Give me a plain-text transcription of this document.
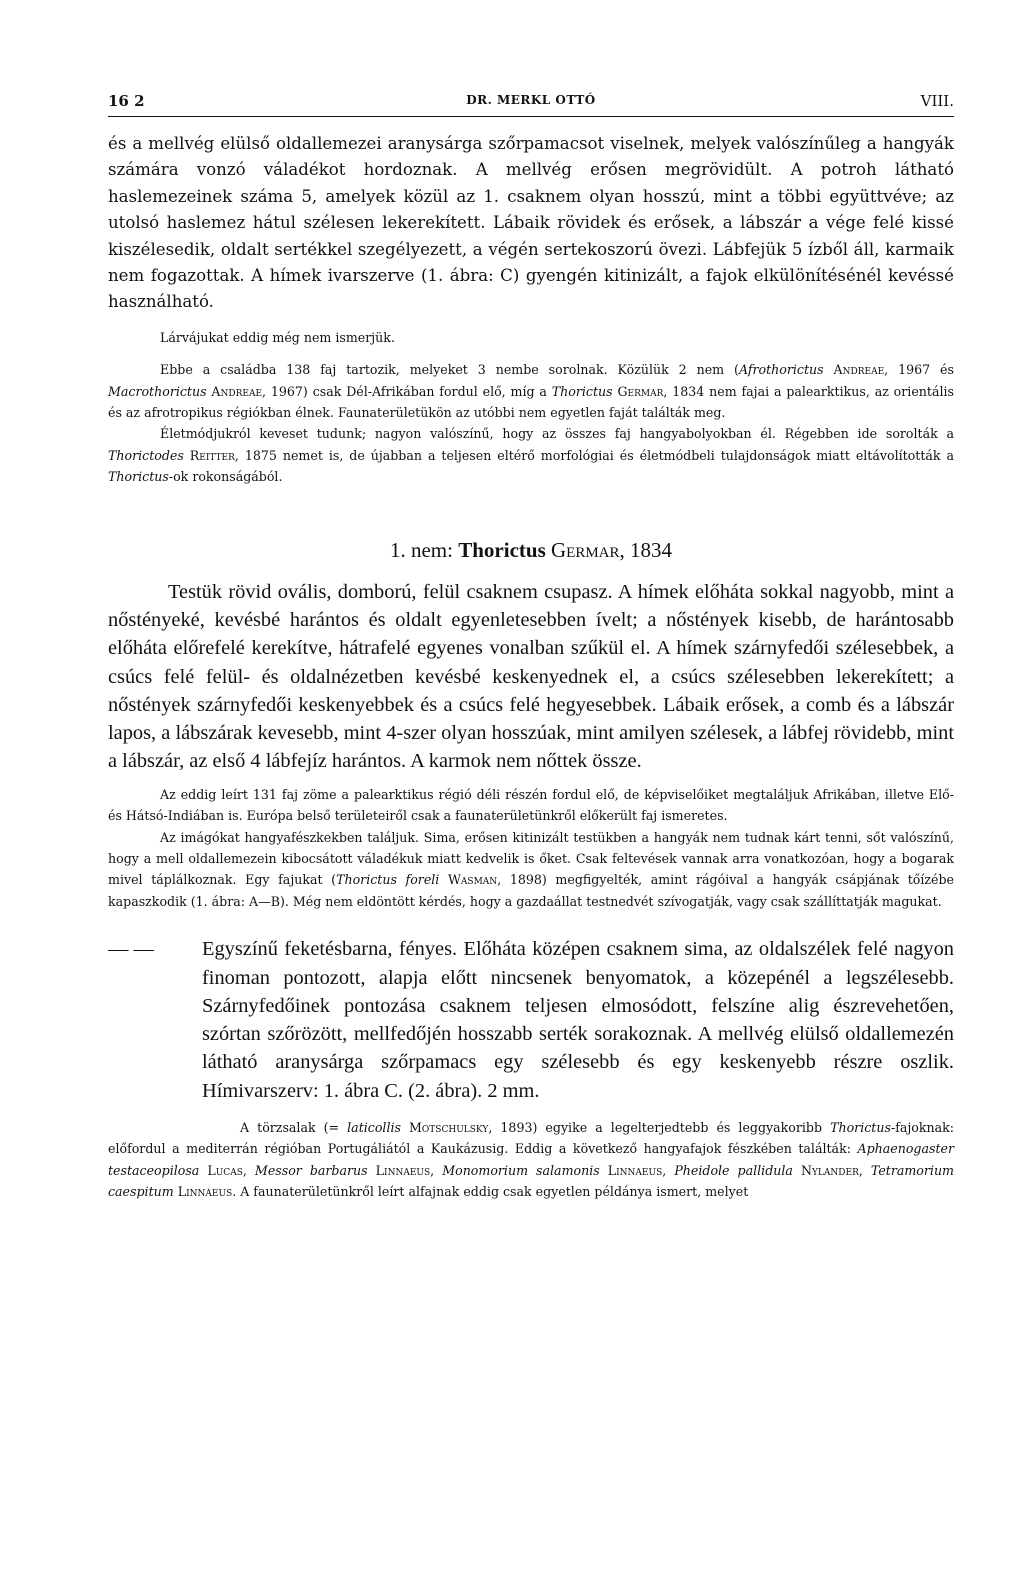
16 2	DR. MERKL OTTÓ	VIII.
és a mellvég elülső oldallemezei aranysárga szőrpamacsot viselnek, melyek valószínűleg a hangyák számára vonzó váladékot hordoznak. A mellvég erősen megrövidült. A potroh látható haslemezeinek száma 5, amelyek közül az 1. csaknem olyan hosszú, mint a többi együttvéve; az utolsó haslemez hátul szélesen lekerekített. Lábaik rövidek és erősek, a lábszár a vége felé kissé kiszélesedik, oldalt sertékkel szegélyezett, a végén sertekoszorú övezi. Lábfejük 5 ízből áll, karmaik nem fogazottak. A hímek ivarszerve (1. ábra: C) gyengén kitinizált, a fajok elkülönítésénél kevéssé használható.

Lárvájukat eddig még nem ismerjük.

Ebbe a családba 138 faj tartozik, melyeket 3 nembe sorolnak. Közülük 2 nem (Afrothorictus Andreae, 1967 és Macrothorictus Andreae, 1967) csak Dél-Afrikában fordul elő, míg a Thorictus Germar, 1834 nem fajai a palearktikus, az orientális és az afrotropikus régiókban élnek. Faunaterületükön az utóbbi nem egyetlen faját találták meg.

Életmódjukról keveset tudunk; nagyon valószínű, hogy az összes faj hangyabolyokban él. Régebben ide sorolták a Thorictodes Reitter, 1875 nemet is, de újabban a teljesen eltérő morfológiai és életmódbeli tulajdonságok miatt eltávolították a Thorictus-ok rokonságából.

1. nem: Thorictus Germar, 1834

Testük rövid ovális, domború, felül csaknem csupasz. A hímek előháta sokkal nagyobb, mint a nőstényeké, kevésbé harántos és oldalt egyenletesebben ívelt; a nőstények kisebb, de harántosabb előháta előrefelé kerekítve, hátrafelé egyenes vonalban szűkül el. A hímek szárnyfedői szélesebbek, a csúcs felé felül- és oldalnézetben kevésbé keskenyednek el, a csúcs szélesebben lekerekített; a nőstények szárnyfedői keskenyebbek és a csúcs felé hegyesebbek. Lábaik erősek, a comb és a lábszár lapos, a lábszárak kevesebb, mint 4-szer olyan hosszúak, mint amilyen szélesek, a lábfej rövidebb, mint a lábszár, az első 4 lábfejíz harántos. A karmok nem nőttek össze.

Az eddig leírt 131 faj zöme a palearktikus régió déli részén fordul elő, de képviselőiket megtaláljuk Afrikában, illetve Elő- és Hátsó-Indiában is. Európa belső területeiről csak a faunaterületünkről előkerült faj ismeretes.

Az imágókat hangyafészkekben találjuk. Sima, erősen kitinizált testükben a hangyák nem tudnak kárt tenni, sőt valószínű, hogy a mell oldallemezein kibocsátott váladékuk miatt kedvelik is őket. Csak feltevések vannak arra vonatkozóan, hogy a bogarak mivel táplálkoznak. Egy fajukat (Thorictus foreli Wasman, 1898) megfigyelték, amint rágóival a hangyák csápjának tőízébe kapaszkodik (1. ábra: A—B). Még nem eldöntött kérdés, hogy a gazdaállat testnedvét szívogatják, vagy csak szállíttatják magukat.

— —	Egyszínű feketésbarna, fényes. Előháta középen csaknem sima, az oldalszélek felé nagyon finoman pontozott, alapja előtt nincsenek benyomatok, a közepénél a legszélesebb. Szárnyfedőinek pontozása csaknem teljesen elmosódott, felszíne alig észrevehetően, szórtan szőrözött, mellfedőjén hosszabb serték sorakoznak. A mellvég elülső oldallemezén látható aranysárga szőrpamacs egy szélesebb és egy keskenyebb részre oszlik. Hímivarszerv: 1. ábra C. (2. ábra). 2 mm.

A törzsalak (= laticollis Motschulsky, 1893) egyike a legelterjedtebb és leggyakoribb Thorictus-fajoknak: előfordul a mediterrán régióban Portugáliától a Kaukázusig. Eddig a következő hangyafajok fészkében találták: Aphaenogaster testaceopilosa Lucas, Messor barbarus Linnaeus, Monomorium salamonis Linnaeus, Pheidole pallidula Nylander, Tetramorium caespitum Linnaeus. A faunaterületünkről leírt alfajnak eddig csak egyetlen példánya ismert, melyet
